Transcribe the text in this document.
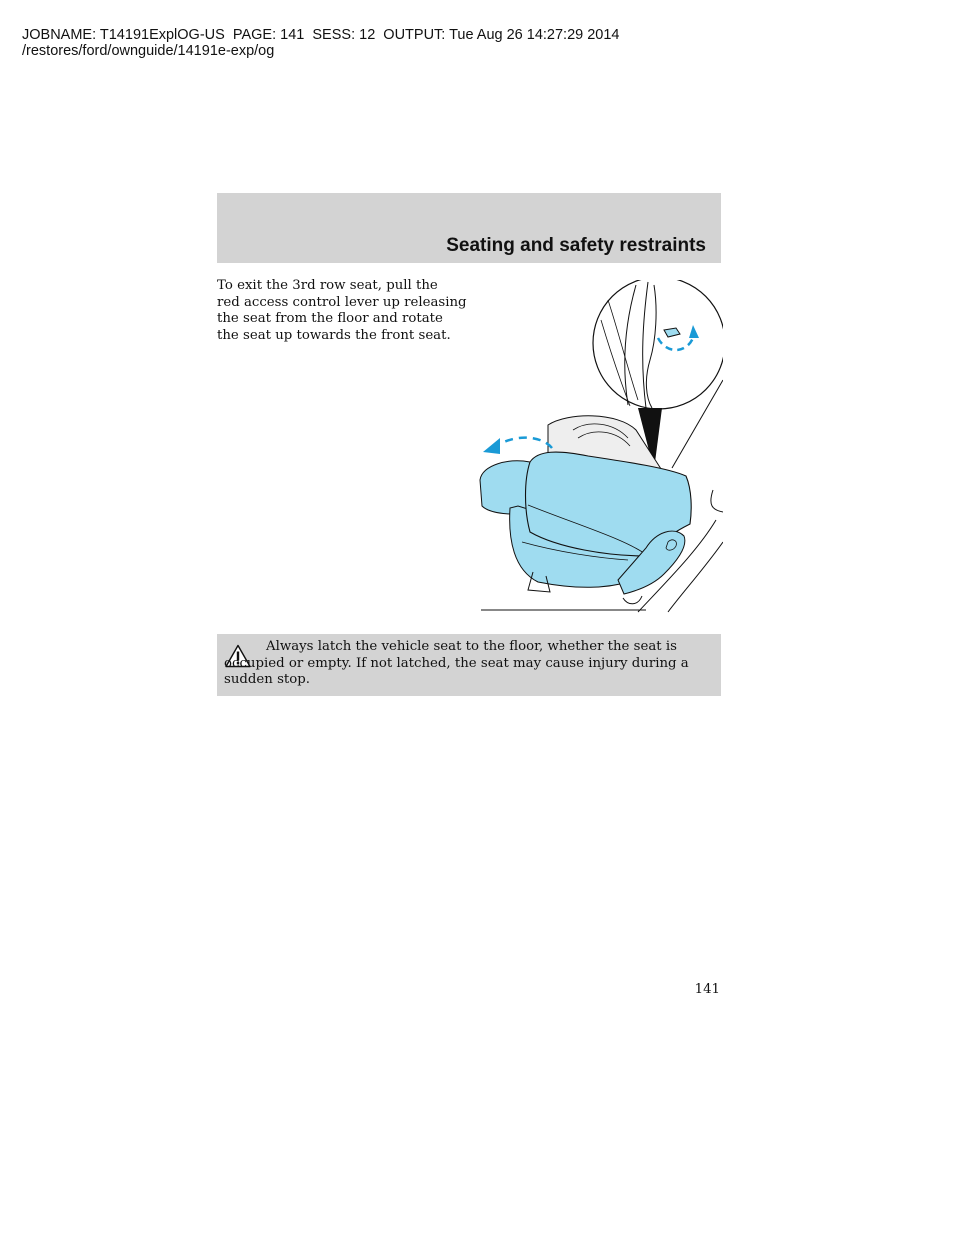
JOBNAME: T14191ExplOG-US  PAGE: 141  SESS: 12  OUTPUT: Tue Aug 26 14:27:29 2014
/restores/ford/ownguide/14191e-exp/og
Seating and safety restraints
To exit the 3rd row seat, pull the
red access control lever up releasing
the seat from the floor and rotate
the seat up towards the front seat.
Always latch the vehicle seat to the floor, whether the seat is occupied or empty. If not latched, the seat may cause injury during a sudden stop.
141
